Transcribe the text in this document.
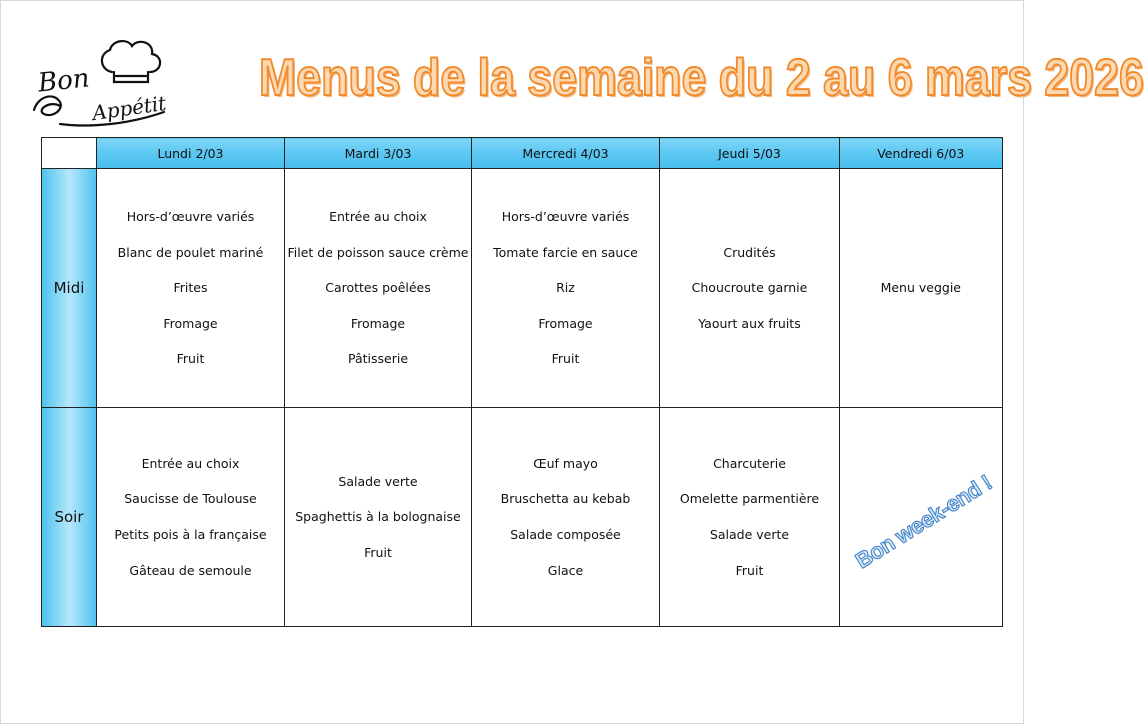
Bon
Appétit
Menus de la semaine du 2 au 6 mars 2026
	Lundi 2/03	Mardi 3/03	Mercredi 4/03	Jeudi 5/03	Vendredi 6/03
Midi	Hors-d’œuvre variés
Blanc de poulet mariné
Frites
Fromage
Fruit	Entrée au choix
Filet de poisson sauce crème
Carottes poêlées
Fromage
Pâtisserie	Hors-d’œuvre variés
Tomate farcie en sauce
Riz
Fromage
Fruit	Crudités
Choucroute garnie
Yaourt aux fruits	Menu veggie

Soir	Entrée au choix
Saucisse de Toulouse
Petits pois à la française
Gâteau de semoule	Salade verte
Spaghettis à la bolognaise
Fruit	Œuf mayo
Bruschetta au kebab
Salade composée
Glace	Charcuterie
Omelette parmentière
Salade verte
Fruit	Bon week-end !
